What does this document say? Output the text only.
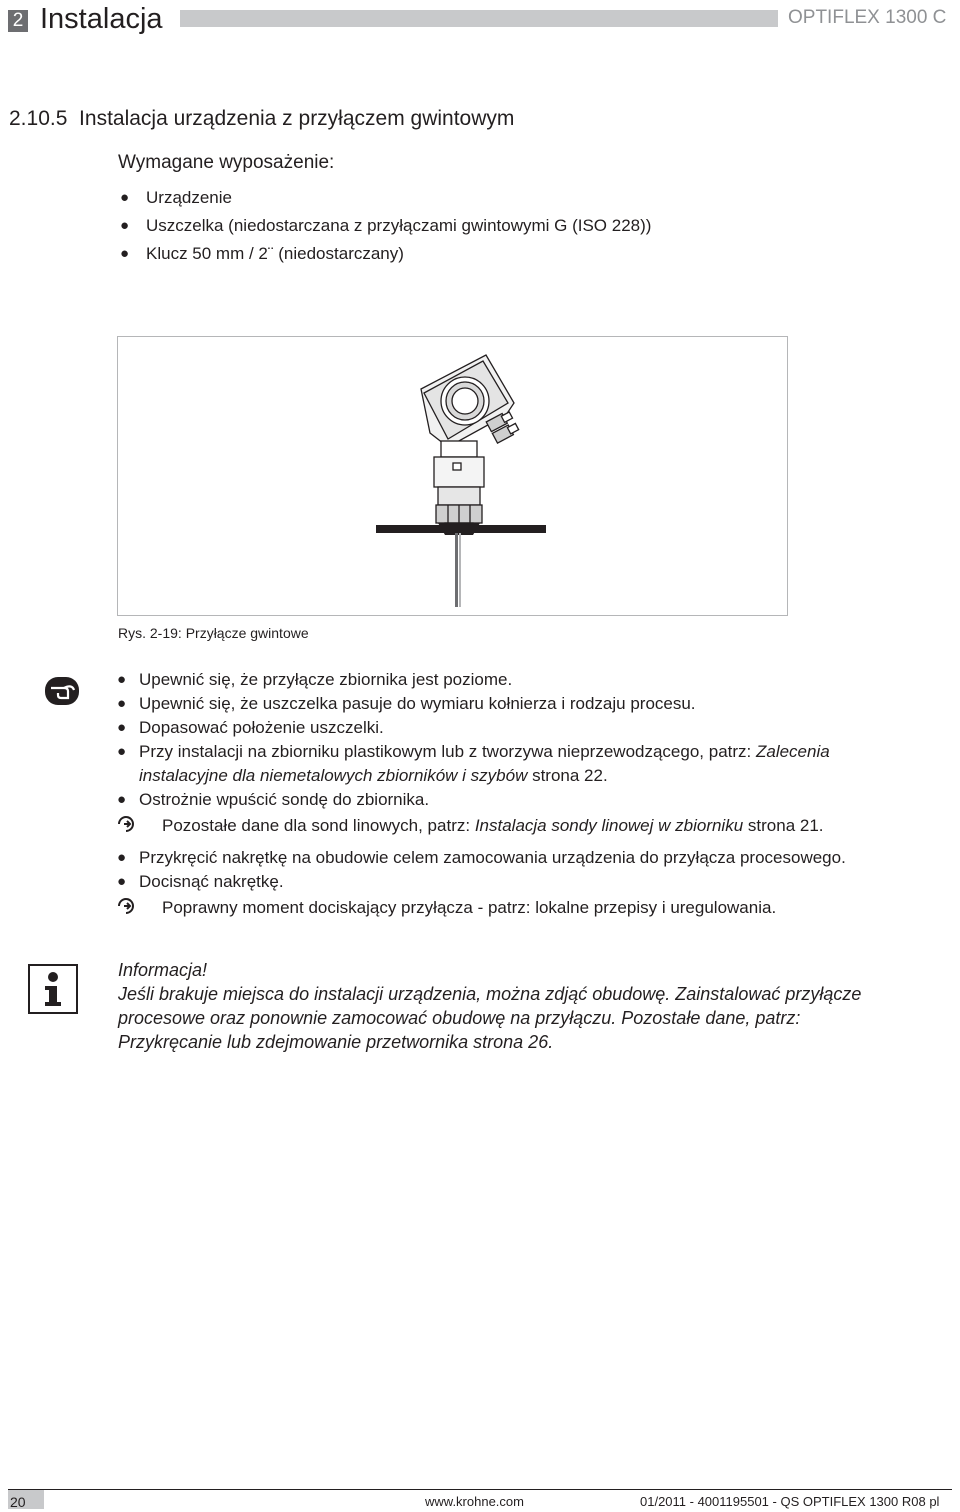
2 Instalacja	OPTIFLEX 1300 C
2.10.5  Instalacja urządzenia z przyłączem gwintowym
Wymagane wyposażenie:
● Urządzenie
● Uszczelka (niedostarczana z przyłączami gwintowymi G (ISO 228))
● Klucz 50 mm / 2¨ (niedostarczany)
Rys. 2-19: Przyłącze gwintowe
● Upewnić się, że przyłącze zbiornika jest poziome.
● Upewnić się, że uszczelka pasuje do wymiaru kołnierza i rodzaju procesu.
● Dopasować położenie uszczelki.
● Przy instalacji na zbiorniku plastikowym lub z tworzywa nieprzewodzącego, patrz: Zalecenia
instalacyjne dla niemetalowych zbiorników i szybów strona 22.
● Ostrożnie wpuścić sondę do zbiornika.
Pozostałe dane dla sond linowych, patrz: Instalacja sondy linowej w zbiorniku strona 21.
● Przykręcić nakrętkę na obudowie celem zamocowania urządzenia do przyłącza procesowego.
● Docisnąć nakrętkę.
Poprawny moment dociskający przyłącza - patrz: lokalne przepisy i uregulowania.
Informacja!
Jeśli brakuje miejsca do instalacji urządzenia, można zdjąć obudowę. Zainstalować przyłącze
procesowe oraz ponownie zamocować obudowę na przyłączu. Pozostałe dane, patrz:
Przykręcanie lub zdejmowanie przetwornika strona 26.
20	www.krohne.com	01/2011 - 4001195501 - QS OPTIFLEX 1300 R08 pl
